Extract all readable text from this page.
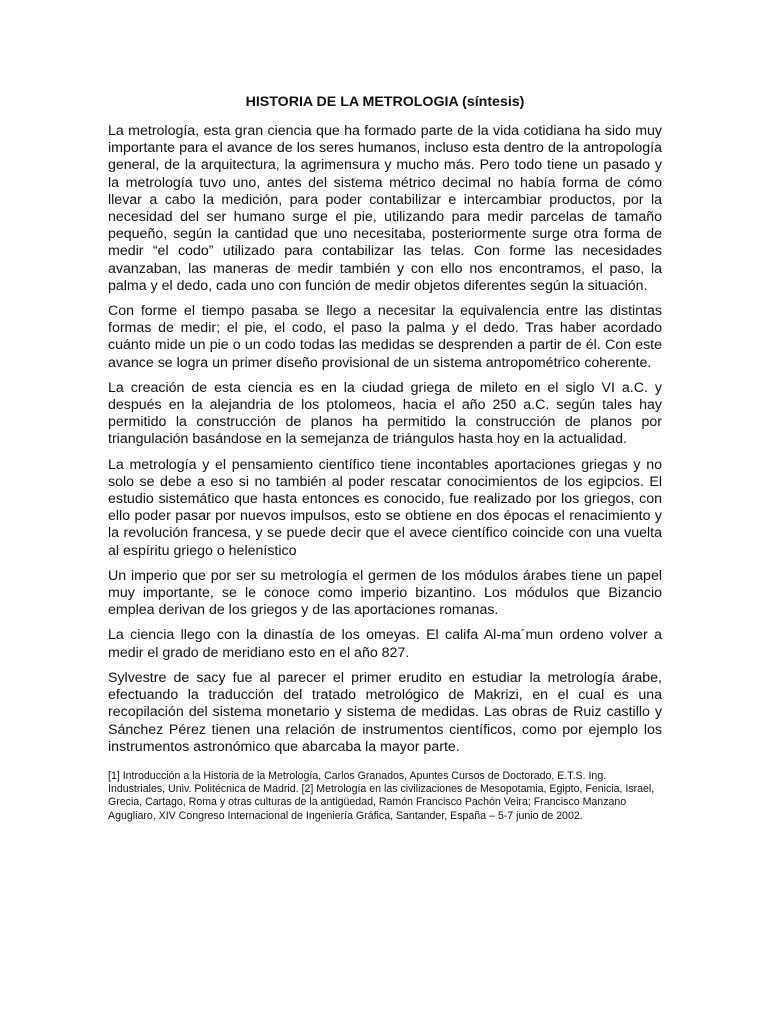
HISTORIA DE LA METROLOGIA (síntesis)

La metrología, esta gran ciencia que ha formado parte de la vida cotidiana ha sido muy importante para el avance de los seres humanos, incluso esta dentro de la antropología general, de la arquitectura, la agrimensura y mucho más. Pero todo tiene un pasado y la metrología tuvo uno, antes del sistema métrico decimal no había forma de cómo llevar a cabo la medición, para poder contabilizar e intercambiar productos, por la necesidad del ser humano surge el pie, utilizando para medir parcelas de tamaño pequeño, según la cantidad que uno necesitaba, posteriormente surge otra forma de medir “el codo” utilizado para contabilizar las telas. Con forme las necesidades avanzaban, las maneras de medir también y con ello nos encontramos, el paso, la palma y el dedo, cada uno con función de medir objetos diferentes según la situación.

Con forme el tiempo pasaba se llego a necesitar la equivalencia entre las distintas formas de medir; el pie, el codo, el paso la palma y el dedo. Tras haber acordado cuánto mide un pie o un codo todas las medidas se desprenden a partir de él. Con este avance se logra un primer diseño provisional de un sistema antropométrico coherente.

La creación de esta ciencia es en la ciudad griega de mileto en el siglo VI a.C. y después en la alejandria de los ptolomeos, hacia el año 250 a.C. según tales hay permitido la construcción de planos ha permitido la construcción de planos por triangulación basándose en la semejanza de triángulos hasta hoy en la actualidad.

La metrología y el pensamiento científico tiene incontables aportaciones griegas y no solo se debe a eso si no también al poder rescatar conocimientos de los egipcios. El estudio sistemático que hasta entonces es conocido, fue realizado por los griegos, con ello poder pasar por nuevos impulsos, esto se obtiene en dos épocas el renacimiento y la revolución francesa, y se puede decir que el avece científico coincide con una vuelta al espíritu griego o helenístico

Un imperio que por ser su metrología el germen de los módulos árabes tiene un papel muy importante, se le conoce como imperio bizantino. Los módulos que Bizancio emplea derivan de los griegos y de las aportaciones romanas.

La ciencia llego con la dinastía de los omeyas. El califa Al-ma´mun ordeno volver a medir el grado de meridiano esto en el año 827.

Sylvestre de sacy fue al parecer el primer erudito en estudiar la metrología árabe, efectuando la traducción del tratado metrológico de Makrizi, en el cual es una recopilación del sistema monetario y sistema de medidas. Las obras de Ruiz castillo y Sánchez Pérez tienen una relación de instrumentos científicos, como por ejemplo los instrumentos astronómico que abarcaba la mayor parte.

[1] Introducción a la Historia de la Metrología, Carlos Granados, Apuntes Cursos de Doctorado, E.T.S. Ing. Industriales, Univ. Politécnica de Madrid. [2] Metrología en las civilizaciones de Mesopotamia, Egipto, Fenicia, Israel, Grecia, Cartago, Roma y otras culturas de la antigüedad, Ramón Francisco Pachón Veira; Francisco Manzano Agugliaro, XIV Congreso Internacional de Ingeniería Gráfica, Santander, España – 5-7 junio de 2002.
